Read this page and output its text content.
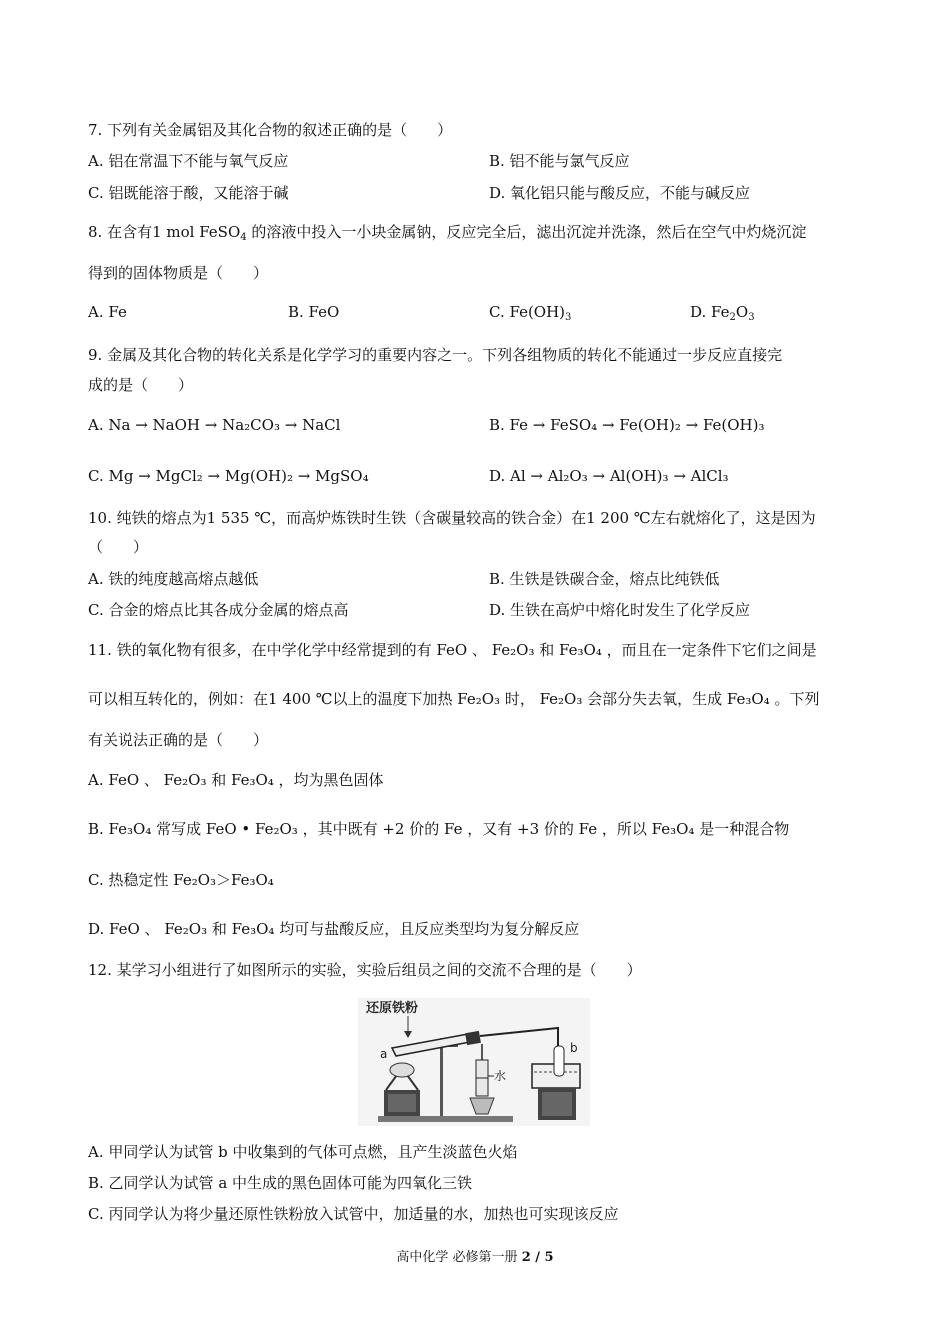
7. 下列有关金属铝及其化合物的叙述正确的是（　　）
A. 铝在常温下不能与氧气反应	B. 铝不能与氯气反应
C. 铝既能溶于酸，又能溶于碱	D. 氧化铝只能与酸反应，不能与碱反应
8. 在含有1 mol FeSO$_4$ 的溶液中投入一小块金属钠，反应完全后，滤出沉淀并洗涤，然后在空气中灼烧沉淀
得到的固体物质是（　　）
A. Fe	B. FeO	C. $Fe(OH)_3$	D. $Fe_2O_3$
9. 金属及其化合物的转化关系是化学学习的重要内容之一。下列各组物质的转化不能通过一步反应直接完
成的是（　　）
A. Na → NaOH → Na₂CO₃ → NaCl	B. Fe → FeSO₄ → Fe(OH)₂ → Fe(OH)₃
C. Mg → MgCl₂ → Mg(OH)₂ → MgSO₄	D. Al → Al₂O₃ → Al(OH)₃ → AlCl₃
10. 纯铁的熔点为1 535 ℃，而高炉炼铁时生铁（含碳量较高的铁合金）在1 200 ℃左右就熔化了，这是因为
（　　）
A. 铁的纯度越高熔点越低	B. 生铁是铁碳合金，熔点比纯铁低
C. 合金的熔点比其各成分金属的熔点高	D. 生铁在高炉中熔化时发生了化学反应
11. 铁的氧化物有很多，在中学化学中经常提到的有 FeO 、 Fe₂O₃ 和 Fe₃O₄ ，而且在一定条件下它们之间是
可以相互转化的，例如：在1 400 ℃以上的温度下加热 Fe₂O₃ 时， Fe₂O₃ 会部分失去氧，生成 Fe₃O₄ 。下列
有关说法正确的是（　　）
A. FeO 、 Fe₂O₃ 和 Fe₃O₄ ，均为黑色固体
B. Fe₃O₄ 常写成 FeO • Fe₂O₃ ，其中既有 +2 价的 Fe ，又有 +3 价的 Fe ，所以 Fe₃O₄ 是一种混合物
C. 热稳定性 Fe₂O₃＞Fe₃O₄
D. FeO 、 Fe₂O₃ 和 Fe₃O₄ 均可与盐酸反应，且反应类型均为复分解反应
12. 某学习小组进行了如图所示的实验，实验后组员之间的交流不合理的是（　　）
还原铁粉
a
水
b
A. 甲同学认为试管 b 中收集到的气体可点燃，且产生淡蓝色火焰
B. 乙同学认为试管 a 中生成的黑色固体可能为四氧化三铁
C. 丙同学认为将少量还原性铁粉放入试管中，加适量的水，加热也可实现该反应
高中化学 必修第一册 2 / 5
